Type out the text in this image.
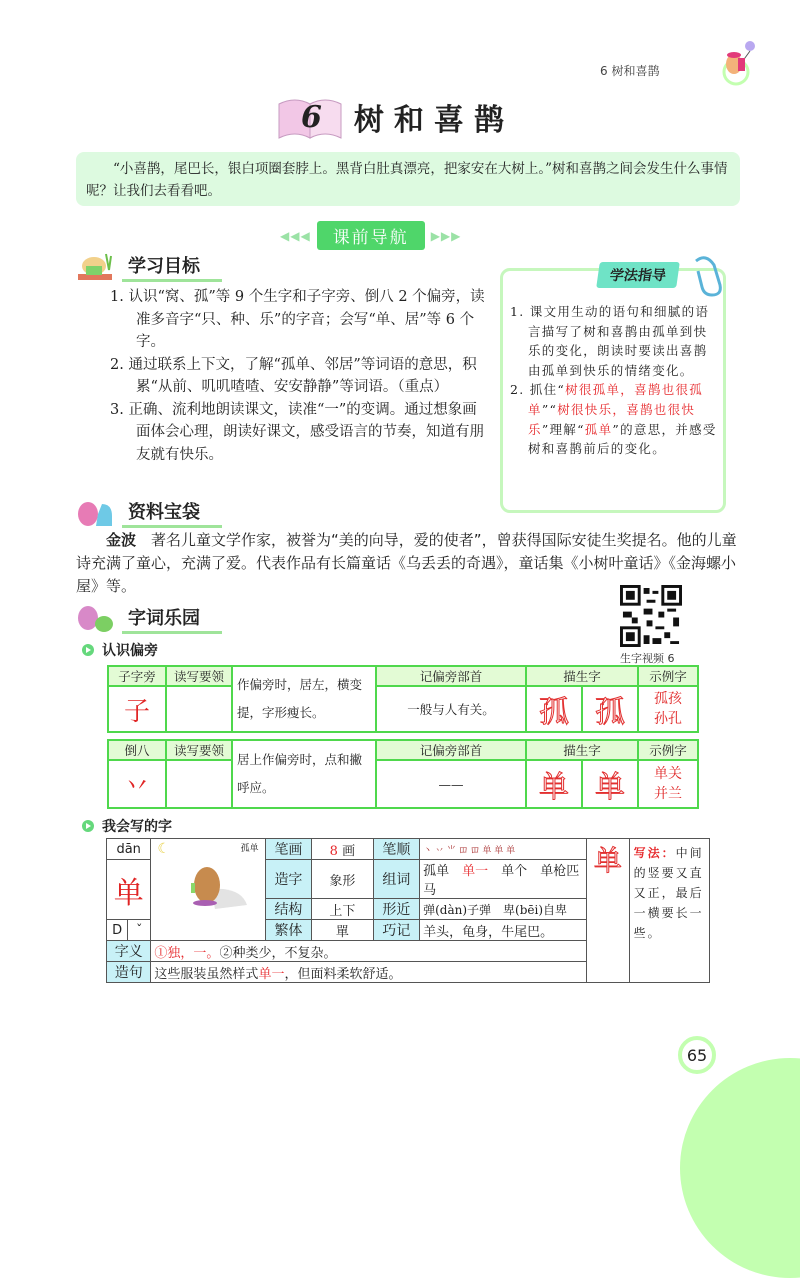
6 树和喜鹊
6 树和喜鹊
“小喜鹊，尾巴长，银白项圈套脖上。黑背白肚真漂亮，把家安在大树上。”树和喜鹊之间会发生什么事情呢？让我们去看看吧。
◀◀◀	课前导航	▶▶▶
学习目标

1. 认识“窝、孤”等 9 个生字和子字旁、倒八 2 个偏旁，读准多音字“只、种、乐”的字音；会写“单、居”等 6 个字。

2. 通过联系上下文，了解“孤单、邻居”等词语的意思，积累“从前、叽叽喳喳、安安静静”等词语。（重点）

3. 正确、流利地朗读课文，读准“一”的变调。通过想象画面体会心理，朗读好课文，感受语言的节奏，知道有朋友就有快乐。

学法指导

1. 课文用生动的语句和细腻的语言描写了树和喜鹊由孤单到快乐的变化，朗读时要读出喜鹊由孤单到快乐的情绪变化。

2. 抓住“树很孤单，喜鹊也很孤单”“树很快乐，喜鹊也很快乐”理解“孤单”的意思，并感受树和喜鹊前后的变化。

资料宝袋
金波　 著名儿童文学作家，被誉为“美的向导，爱的使者”，曾获得国际安徒生奖提名。他的儿童诗充满了童心，充满了爱。代表作品有长篇童话《乌丢丢的奇遇》，童话集《小树叶童话》《金海螺小屋》等。
生字视频 6
字词乐园
认识偏旁
子字旁	读写要领	作偏旁时，居左，横变提，字形瘦长。	记偏旁部首	描生字		示例字
子			一般与人有关。	孤	孤	孤孩
孙孔
倒八	读写要领	居上作偏旁时，点和撇呼应。	记偏旁部首	描生字		示例字
丷			——	单	单	单关
并兰
我会写的字
dān		孤单
☾	笔画	8 画	笔顺	丶 丷 ⺌ 𫩏 𫩏 单 单 单	单	写法：中间的竖要又直又正，最后一横要长一些。
单			造字	象形	组词	孤单　 单一　 单个　 单枪匹马		
			结构	上下	形近	弹(dàn)子弹　卑(bēi)自卑		
D	ˇ		繁体	單	巧记	羊头，龟身，牛尾巴。		
字义		①独，一。②种类少，不复杂。						
造句		这些服装虽然样式单一，但面料柔软舒适。						
65
